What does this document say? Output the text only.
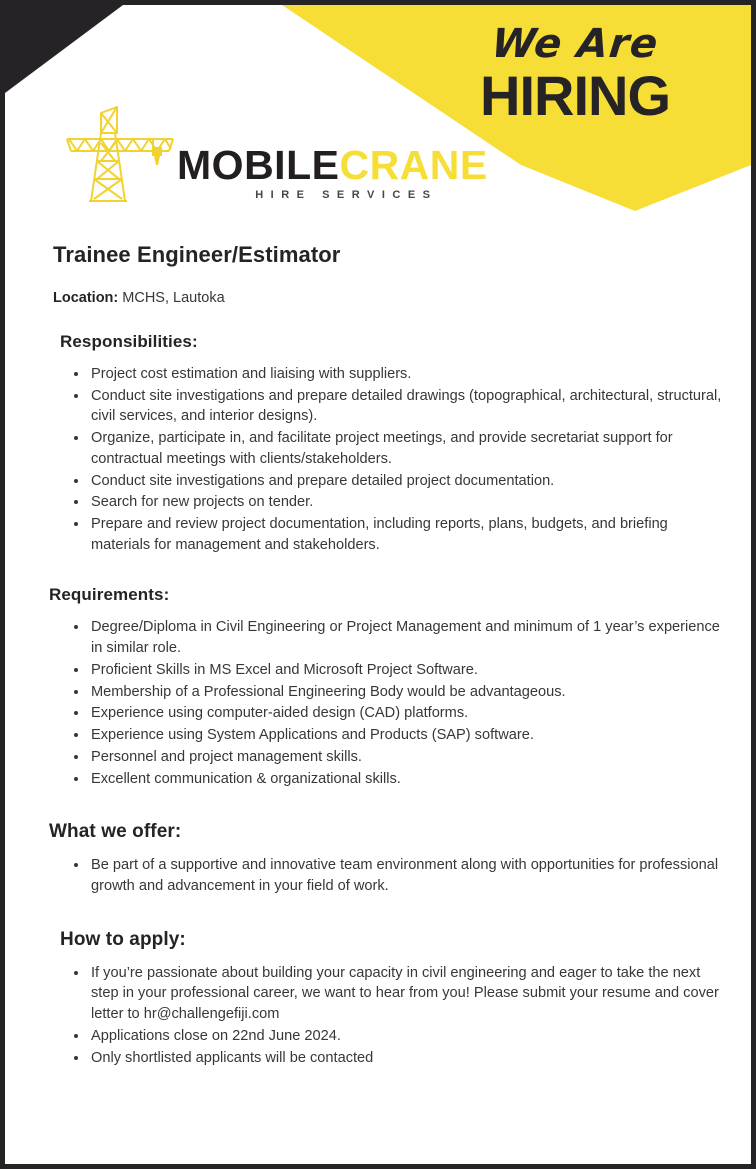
We Are
HIRING
MOBILECRANE
HIRE SERVICES
Trainee Engineer/Estimator
Location: MCHS, Lautoka
Responsibilities:
Project cost estimation and liaising with suppliers.
Conduct site investigations and prepare detailed drawings (topographical, architectural, structural, civil services, and interior designs).
Organize, participate in, and facilitate project meetings, and provide secretariat support for contractual meetings with clients/stakeholders.
Conduct site investigations and prepare detailed project documentation.
Search for new projects on tender.
Prepare and review project documentation, including reports, plans, budgets, and briefing materials for management and stakeholders.
Requirements:
Degree/Diploma in Civil Engineering or Project Management and minimum of 1 year’s experience in similar role.
Proficient Skills in MS Excel and Microsoft Project Software.
Membership of a Professional Engineering Body would be advantageous.
Experience using computer-aided design (CAD) platforms.
Experience using System Applications and Products (SAP) software.
Personnel and project management skills.
Excellent communication & organizational skills.
What we offer:
Be part of a supportive and innovative team environment along with opportunities for professional growth and advancement in your field of work.
How to apply:
If you’re passionate about building your capacity in civil engineering and eager to take the next step in your professional career, we want to hear from you! Please submit your resume and cover letter to hr@challengefiji.com
Applications close on 22nd June 2024.
Only shortlisted applicants will be contacted
